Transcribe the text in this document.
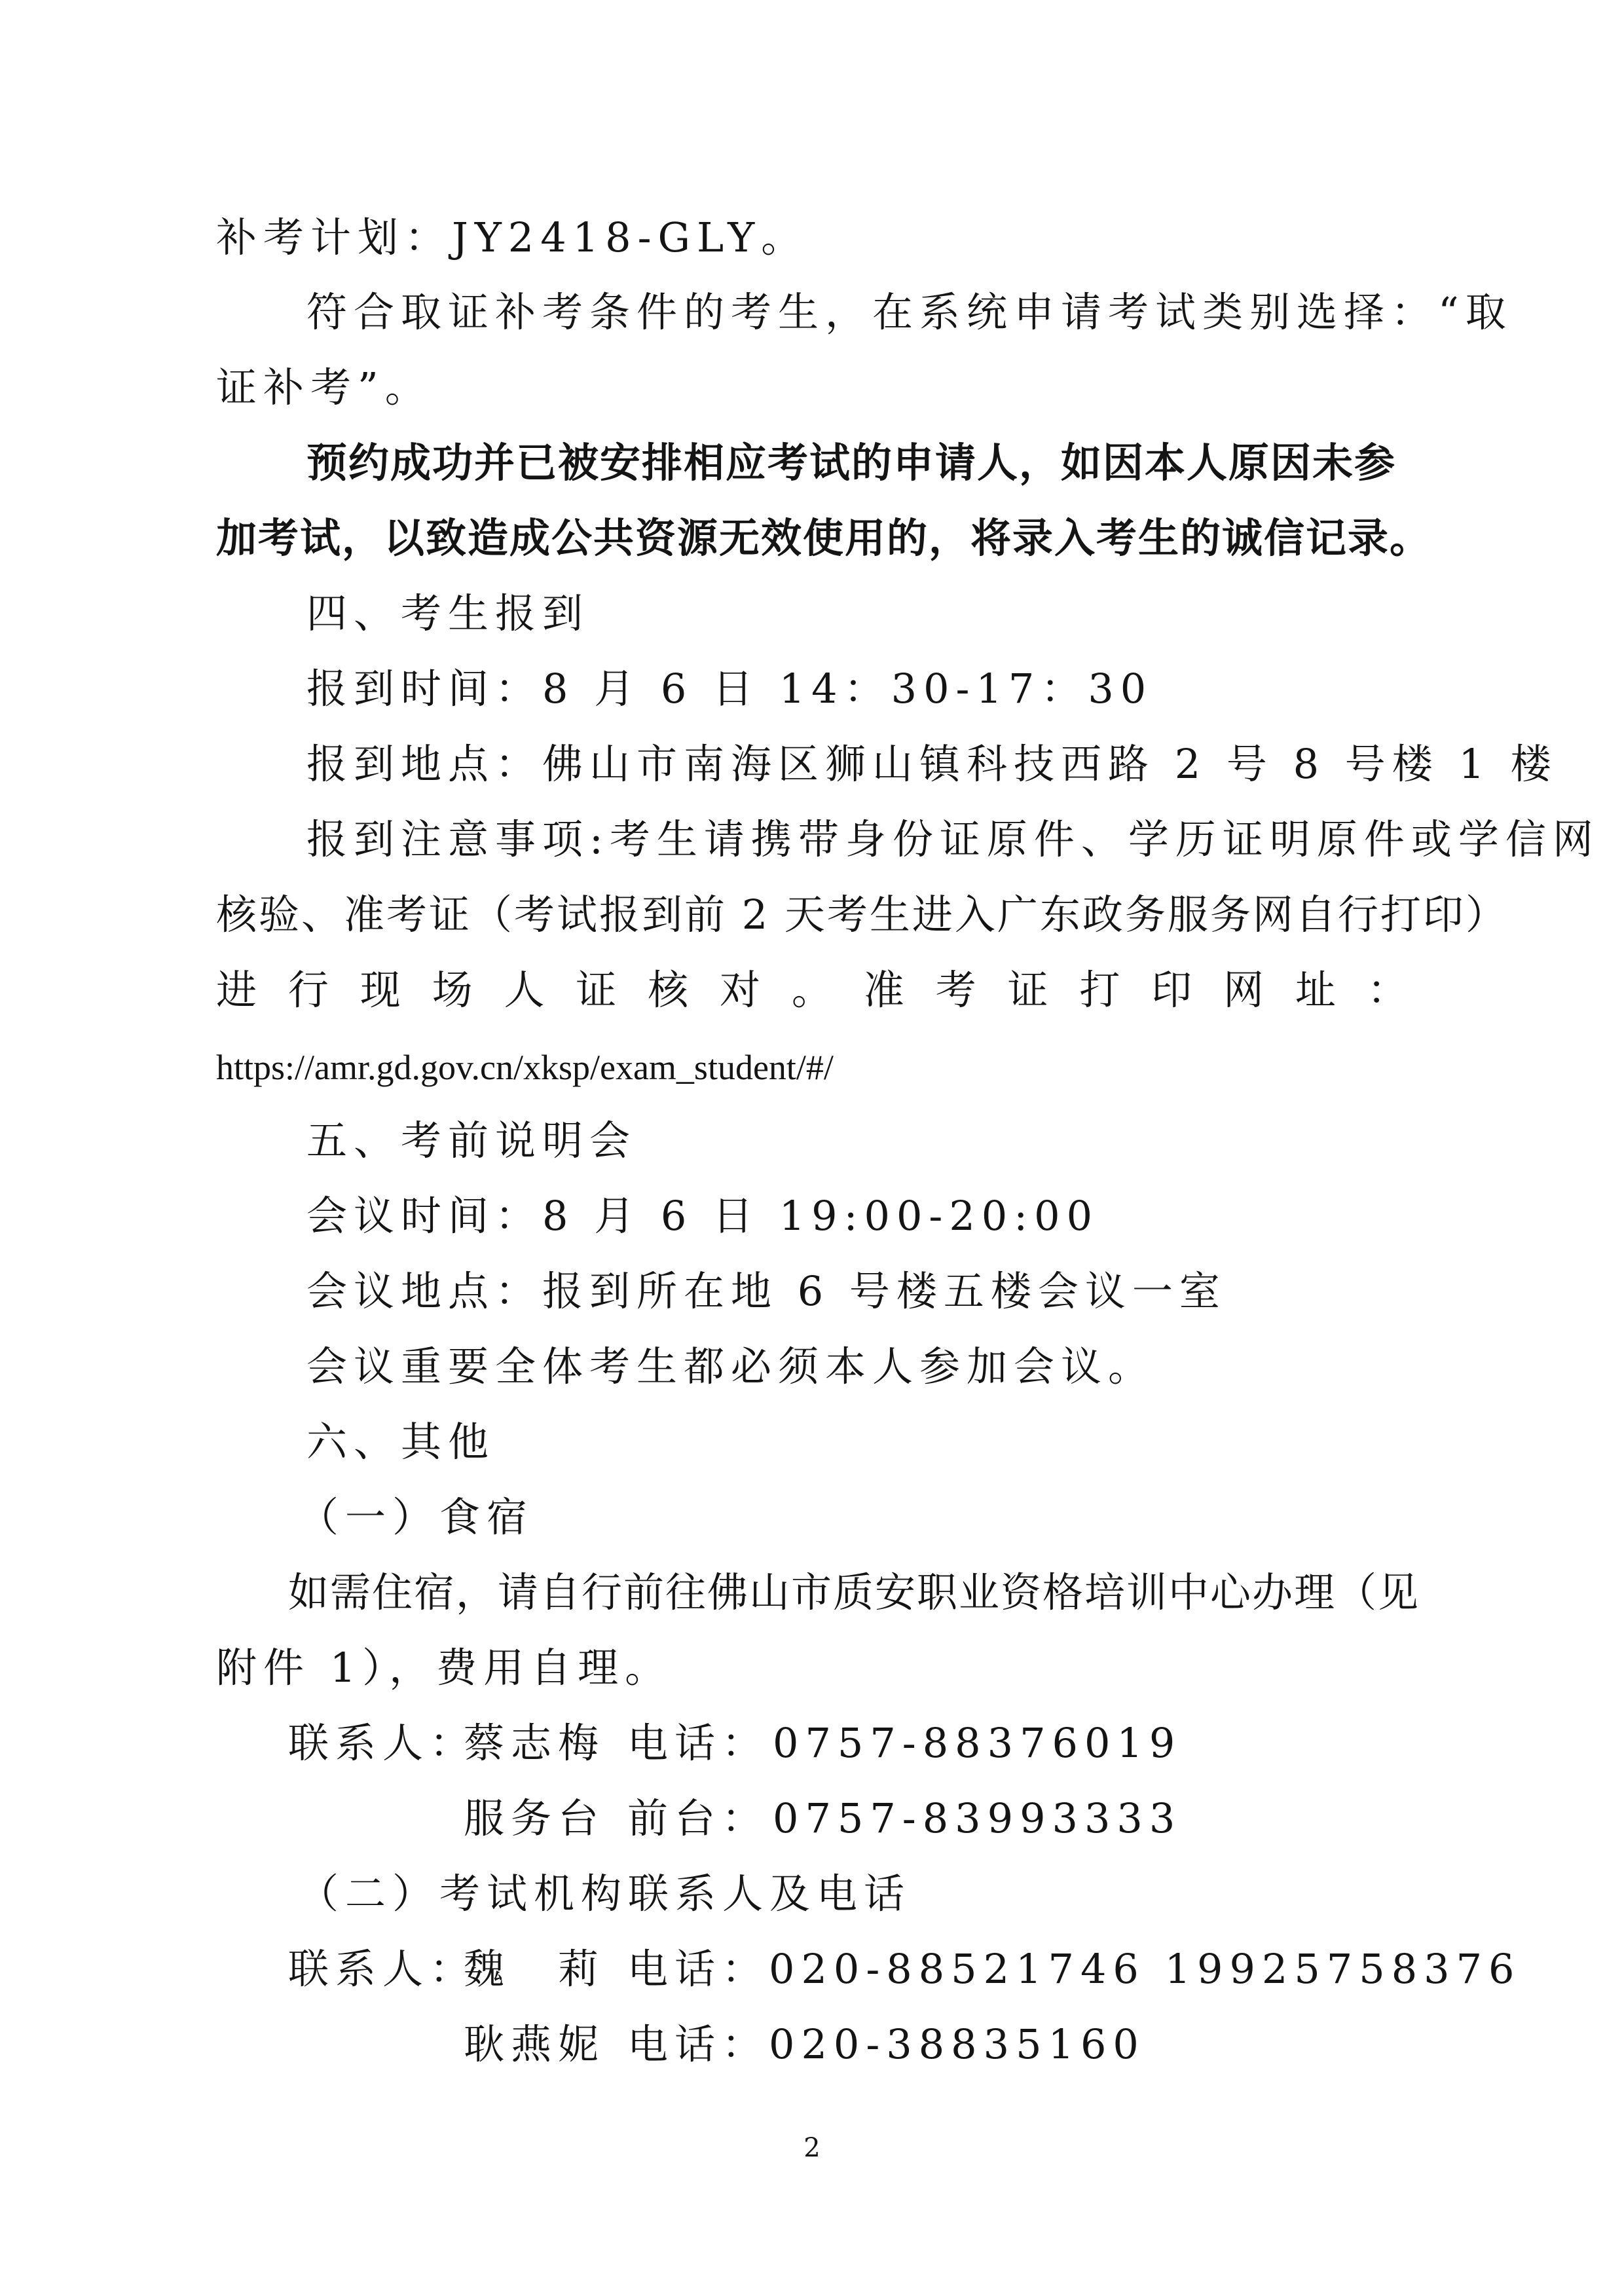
补考计划：JY2418-GLY。

符合取证补考条件的考生，在系统申请考试类别选择：“取

证补考”。

预约成功并已被安排相应考试的申请人，如因本人原因未参

加考试，以致造成公共资源无效使用的，将录入考生的诚信记录。

四、考生报到

报到时间：8 月 6 日 14：30-17：30

报到地点：佛山市南海区狮山镇科技西路 2 号 8 号楼 1 楼

报到注意事项:考生请携带身份证原件、学历证明原件或学信网

核验、准考证（考试报到前 2 天考生进入广东政务服务网自行打印）

进 行 现 场 人 证 核 对 。 准 考 证 打 印 网 址 ：

https://amr.gd.gov.cn/xksp/exam_student/#/

五、考前说明会

会议时间：8 月 6 日 19:00-20:00

会议地点：报到所在地 6 号楼五楼会议一室

会议重要全体考生都必须本人参加会议。

六、其他

（一）食宿

如需住宿，请自行前往佛山市质安职业资格培训中心办理（见

附件 1），费用自理。

联系人：蔡志梅 电话：0757-88376019
服务台 前台：0757-83993333

（二）考试机构联系人及电话

联系人：魏　莉 电话：020-88521746 19925758376
耿燕妮 电话：020-38835160
2
